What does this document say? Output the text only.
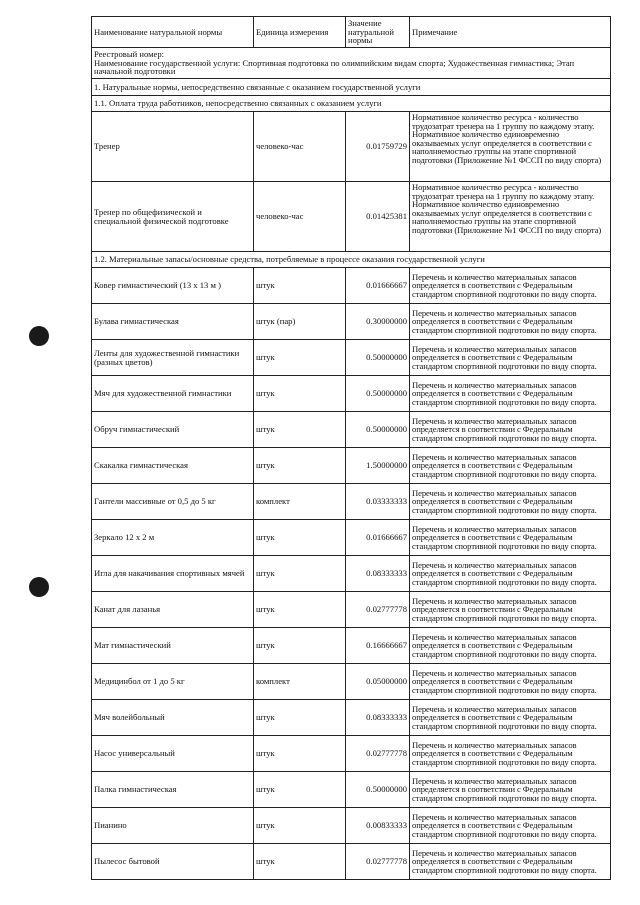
Наименование натуральной нормы	Единица измерения	Значение натуральной нормы	Примечание

Реестровый номер:
Наименование государственной услуги: Спортивная подготовка по олимпийским видам спорта; Художественная гимнастика; Этап начальной подготовки			

1. Натуральные нормы, непосредственно связанные с оказанием государственной услуги			
1.1. Оплата труда работников, непосредственно связанных с оказанием услуги			
Тренер	человеко-час	0.01759729	Нормативное количество ресурса - количество трудозатрат тренера на 1 группу по каждому этапу. Нормативное количество единовременно оказываемых услуг определяется в соответствии с наполняемостью группы на этапе спортивной подготовки (Приложение №1 ФССП по виду спорта)
Тренер по общефизической и специальной физической подготовке	человеко-час	0.01425381	Нормативное количество ресурса - количество трудозатрат тренера на 1 группу по каждому этапу. Нормативное количество единовременно оказываемых услуг определяется в соответствии с наполняемостью группы на этапе спортивной подготовки (Приложение №1 ФССП по виду спорта)
1.2. Материальные запасы/основные средства, потребляемые в процессе оказания государственной услуги			
Ковер гимнастический (13 х 13 м )	штук	0.01666667	Перечень и количество материальных запасов определяется в соответствии с Федеральным стандартом спортивной подготовки по виду спорта.
Булава гимнастическая	штук (пар)	0.30000000	Перечень и количество материальных запасов определяется в соответствии с Федеральным стандартом спортивной подготовки по виду спорта.
Ленты для художественной гимнастики (разных цветов)	штук	0.50000000	Перечень и количество материальных запасов определяется в соответствии с Федеральным стандартом спортивной подготовки по виду спорта.
Мяч для художественной гимнастики	штук	0.50000000	Перечень и количество материальных запасов определяется в соответствии с Федеральным стандартом спортивной подготовки по виду спорта.
Обруч гимнастический	штук	0.50000000	Перечень и количество материальных запасов определяется в соответствии с Федеральным стандартом спортивной подготовки по виду спорта.
Скакалка гимнастическая	штук	1.50000000	Перечень и количество материальных запасов определяется в соответствии с Федеральным стандартом спортивной подготовки по виду спорта.
Гантели массивные от 0,5 до 5 кг	комплект	0.03333333	Перечень и количество материальных запасов определяется в соответствии с Федеральным стандартом спортивной подготовки по виду спорта.
Зеркало 12 х 2 м	штук	0.01666667	Перечень и количество материальных запасов определяется в соответствии с Федеральным стандартом спортивной подготовки по виду спорта.
Игла для накачивания спортивных мячей	штук	0.08333333	Перечень и количество материальных запасов определяется в соответствии с Федеральным стандартом спортивной подготовки по виду спорта.
Канат для лазанья	штук	0.02777778	Перечень и количество материальных запасов определяется в соответствии с Федеральным стандартом спортивной подготовки по виду спорта.
Мат гимнастический	штук	0.16666667	Перечень и количество материальных запасов определяется в соответствии с Федеральным стандартом спортивной подготовки по виду спорта.
Медицинбол от 1 до 5 кг	комплект	0.05000000	Перечень и количество материальных запасов определяется в соответствии с Федеральным стандартом спортивной подготовки по виду спорта.
Мяч волейбольный	штук	0.08333333	Перечень и количество материальных запасов определяется в соответствии с Федеральным стандартом спортивной подготовки по виду спорта.
Насос универсальный	штук	0.02777778	Перечень и количество материальных запасов определяется в соответствии с Федеральным стандартом спортивной подготовки по виду спорта.
Палка гимнастическая	штук	0.50000000	Перечень и количество материальных запасов определяется в соответствии с Федеральным стандартом спортивной подготовки по виду спорта.
Пианино	штук	0.00833333	Перечень и количество материальных запасов определяется в соответствии с Федеральным стандартом спортивной подготовки по виду спорта.
Пылесос бытовой	штук	0.02777778	Перечень и количество материальных запасов определяется в соответствии с Федеральным стандартом спортивной подготовки по виду спорта.
